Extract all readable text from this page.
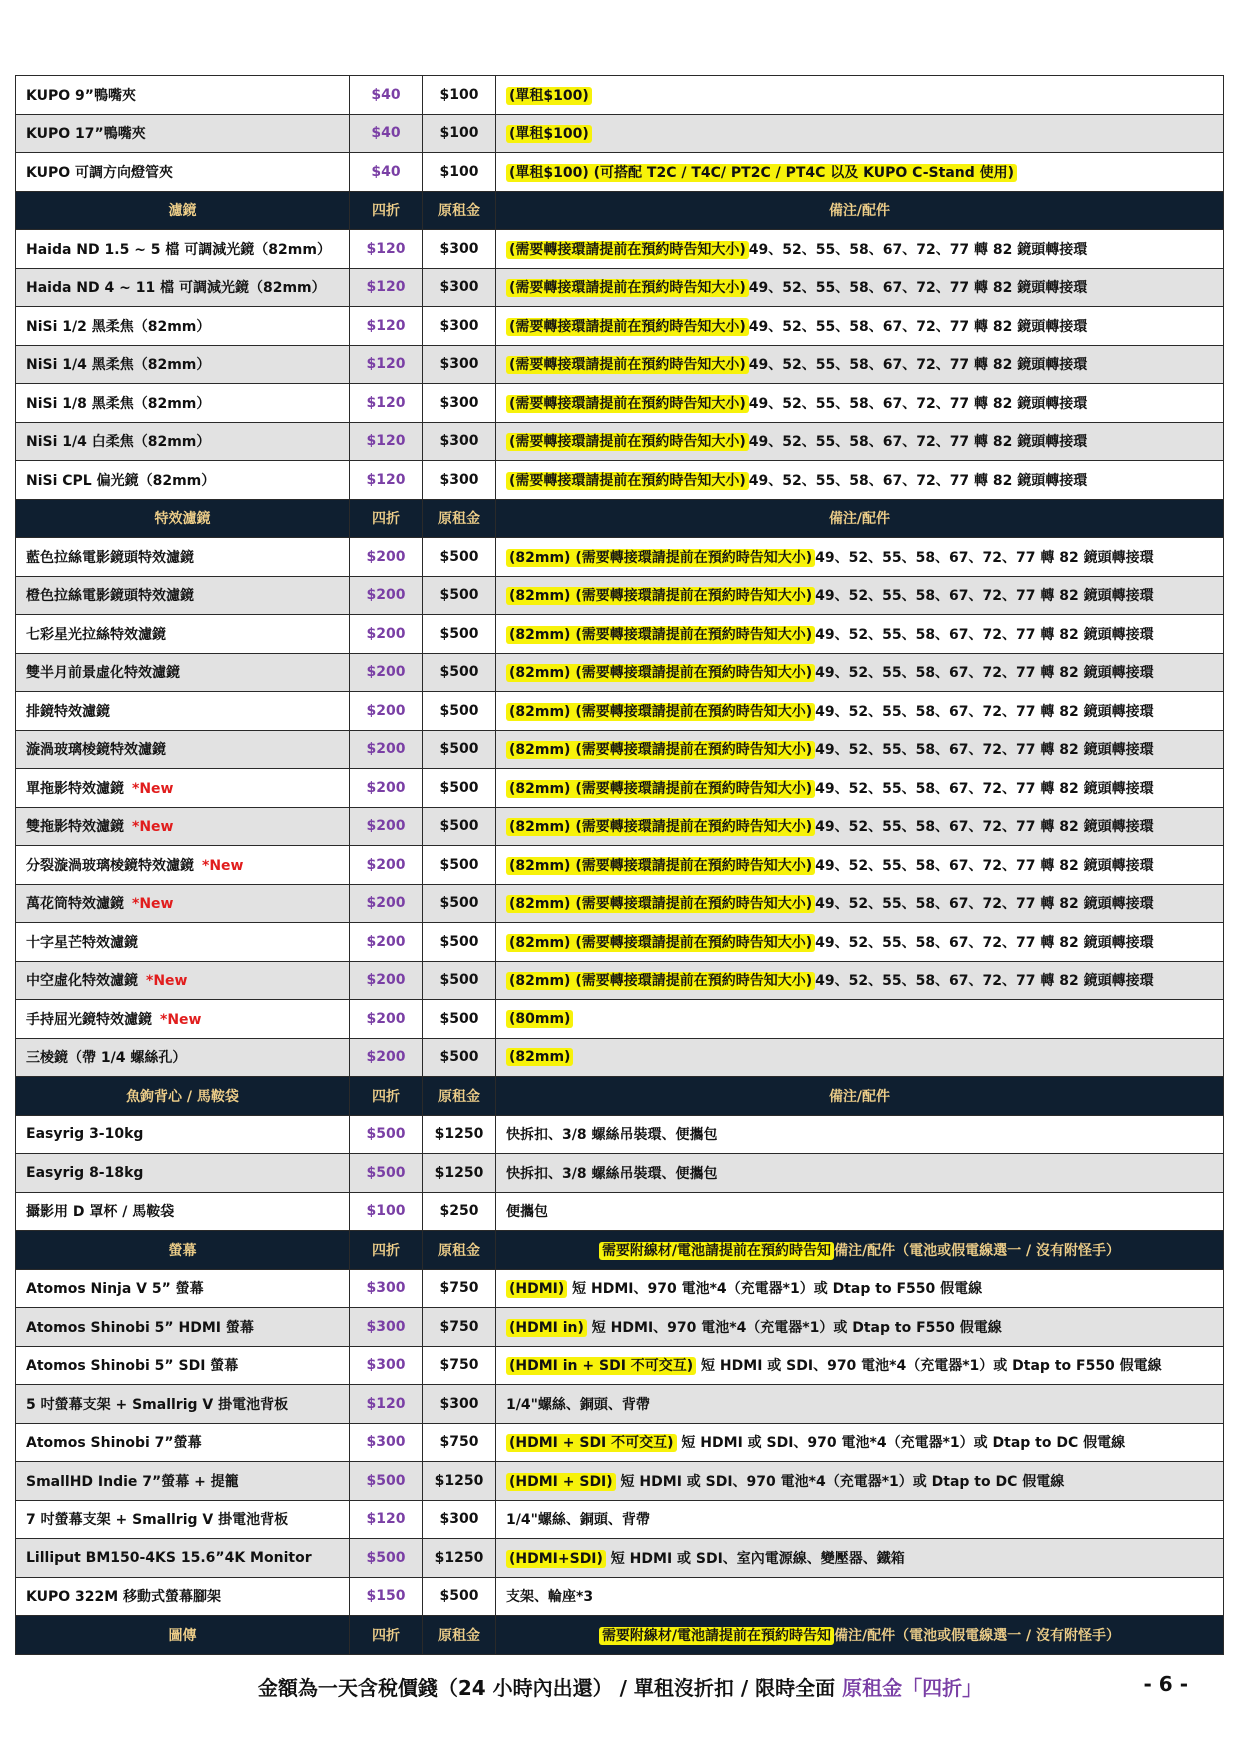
KUPO 9”鴨嘴夾	$40	$100	(單租$100)
KUPO 17”鴨嘴夾	$40	$100	(單租$100)
KUPO 可調方向燈管夾	$40	$100	(單租$100) (可搭配 T2C / T4C/ PT2C / PT4C 以及 KUPO C-Stand 使用)
濾鏡	四折	原租金	備注/配件
Haida ND 1.5 ~ 5 檔 可調減光鏡（82mm）	$120	$300	(需要轉接環請提前在預約時告知大小) 49、52、55、58、67、72、77 轉 82 鏡頭轉接環
Haida ND 4 ~ 11 檔 可調減光鏡（82mm）	$120	$300	(需要轉接環請提前在預約時告知大小) 49、52、55、58、67、72、77 轉 82 鏡頭轉接環
NiSi 1/2 黑柔焦（82mm）	$120	$300	(需要轉接環請提前在預約時告知大小) 49、52、55、58、67、72、77 轉 82 鏡頭轉接環
NiSi 1/4 黑柔焦（82mm）	$120	$300	(需要轉接環請提前在預約時告知大小) 49、52、55、58、67、72、77 轉 82 鏡頭轉接環
NiSi 1/8 黑柔焦（82mm）	$120	$300	(需要轉接環請提前在預約時告知大小) 49、52、55、58、67、72、77 轉 82 鏡頭轉接環
NiSi 1/4 白柔焦（82mm）	$120	$300	(需要轉接環請提前在預約時告知大小) 49、52、55、58、67、72、77 轉 82 鏡頭轉接環
NiSi CPL 偏光鏡（82mm）	$120	$300	(需要轉接環請提前在預約時告知大小) 49、52、55、58、67、72、77 轉 82 鏡頭轉接環
特效濾鏡	四折	原租金	備注/配件
藍色拉絲電影鏡頭特效濾鏡	$200	$500	(82mm) (需要轉接環請提前在預約時告知大小) 49、52、55、58、67、72、77 轉 82 鏡頭轉接環
橙色拉絲電影鏡頭特效濾鏡	$200	$500	(82mm) (需要轉接環請提前在預約時告知大小) 49、52、55、58、67、72、77 轉 82 鏡頭轉接環
七彩星光拉絲特效濾鏡	$200	$500	(82mm) (需要轉接環請提前在預約時告知大小) 49、52、55、58、67、72、77 轉 82 鏡頭轉接環
雙半月前景虛化特效濾鏡	$200	$500	(82mm) (需要轉接環請提前在預約時告知大小) 49、52、55、58、67、72、77 轉 82 鏡頭轉接環
排鏡特效濾鏡	$200	$500	(82mm) (需要轉接環請提前在預約時告知大小) 49、52、55、58、67、72、77 轉 82 鏡頭轉接環
漩渦玻璃棱鏡特效濾鏡	$200	$500	(82mm) (需要轉接環請提前在預約時告知大小) 49、52、55、58、67、72、77 轉 82 鏡頭轉接環
單拖影特效濾鏡 *New	$200	$500	(82mm) (需要轉接環請提前在預約時告知大小) 49、52、55、58、67、72、77 轉 82 鏡頭轉接環
雙拖影特效濾鏡 *New	$200	$500	(82mm) (需要轉接環請提前在預約時告知大小) 49、52、55、58、67、72、77 轉 82 鏡頭轉接環
分裂漩渦玻璃棱鏡特效濾鏡 *New	$200	$500	(82mm) (需要轉接環請提前在預約時告知大小) 49、52、55、58、67、72、77 轉 82 鏡頭轉接環
萬花筒特效濾鏡 *New	$200	$500	(82mm) (需要轉接環請提前在預約時告知大小) 49、52、55、58、67、72、77 轉 82 鏡頭轉接環
十字星芒特效濾鏡	$200	$500	(82mm) (需要轉接環請提前在預約時告知大小) 49、52、55、58、67、72、77 轉 82 鏡頭轉接環
中空虛化特效濾鏡 *New	$200	$500	(82mm) (需要轉接環請提前在預約時告知大小) 49、52、55、58、67、72、77 轉 82 鏡頭轉接環
手持屈光鏡特效濾鏡 *New	$200	$500	(80mm)
三棱鏡（帶 1/4 螺絲孔）	$200	$500	(82mm)
魚鉤背心 / 馬鞍袋	四折	原租金	備注/配件
Easyrig 3-10kg	$500	$1250	快拆扣、3/8 螺絲吊裝環、便攜包
Easyrig 8-18kg	$500	$1250	快拆扣、3/8 螺絲吊裝環、便攜包
攝影用 D 罩杯 / 馬鞍袋	$100	$250	便攜包
螢幕	四折	原租金	需要附線材/電池請提前在預約時告知 備注/配件（電池或假電線選一 / 沒有附怪手）
Atomos Ninja V 5” 螢幕	$300	$750	(HDMI) 短 HDMI、970 電池*4（充電器*1）或 Dtap to F550 假電線
Atomos Shinobi 5” HDMI 螢幕	$300	$750	(HDMI in) 短 HDMI、970 電池*4（充電器*1）或 Dtap to F550 假電線
Atomos Shinobi 5” SDI 螢幕	$300	$750	(HDMI in + SDI 不可交互) 短 HDMI 或 SDI、970 電池*4（充電器*1）或 Dtap to F550 假電線
5 吋螢幕支架 + Smallrig V 掛電池背板	$120	$300	1/4"螺絲、銅頭、背帶
Atomos Shinobi 7”螢幕	$300	$750	(HDMI + SDI 不可交互) 短 HDMI 或 SDI、970 電池*4（充電器*1）或 Dtap to DC 假電線
SmallHD Indie 7”螢幕 + 提籠	$500	$1250	(HDMI + SDI) 短 HDMI 或 SDI、970 電池*4（充電器*1）或 Dtap to DC 假電線
7 吋螢幕支架 + Smallrig V 掛電池背板	$120	$300	1/4"螺絲、銅頭、背帶
Lilliput BM150-4KS 15.6”4K Monitor	$500	$1250	(HDMI+SDI) 短 HDMI 或 SDI、室內電源線、變壓器、鐵箱
KUPO 322M 移動式螢幕腳架	$150	$500	支架、輪座*3
圖傳	四折	原租金	需要附線材/電池請提前在預約時告知 備注/配件（電池或假電線選一 / 沒有附怪手）
金額為一天含稅價錢（24 小時內出還） / 單租沒折扣 / 限時全面 原租金「四折」	- 6 -
